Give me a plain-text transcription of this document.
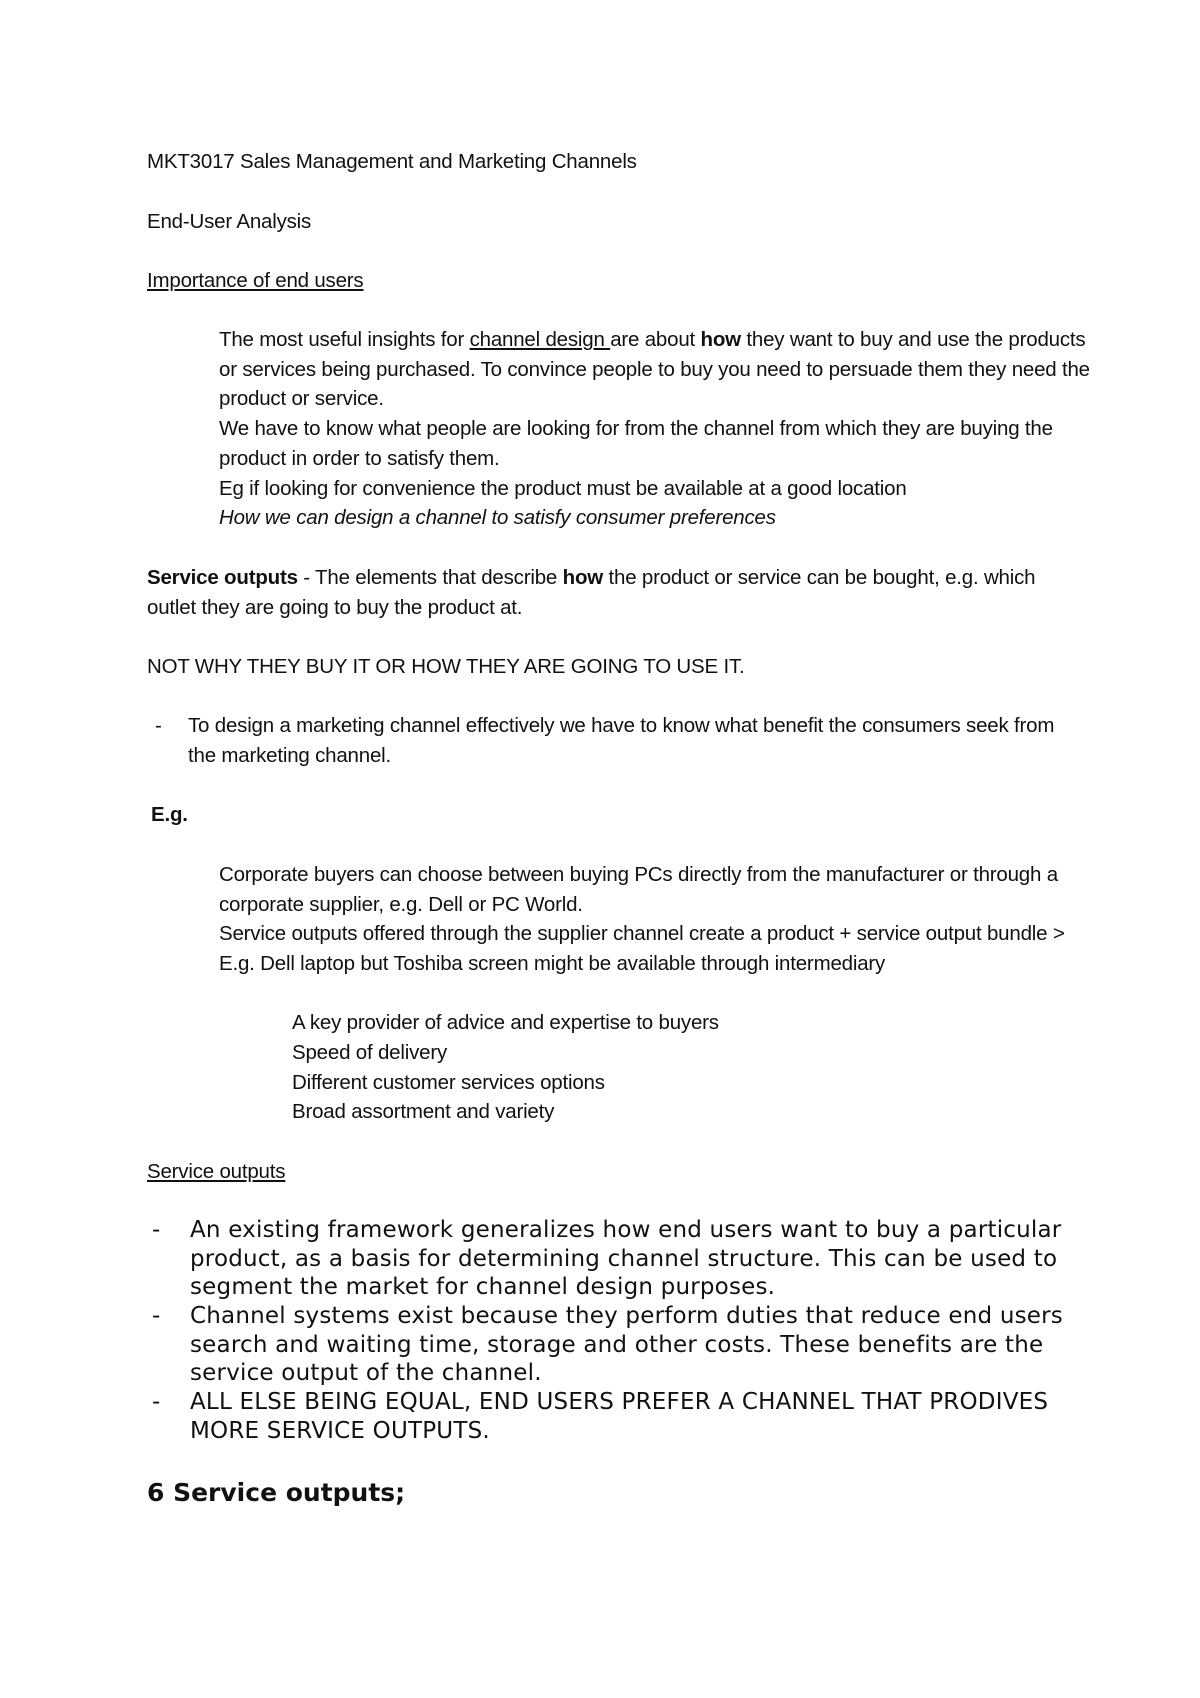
MKT3017 Sales Management and Marketing Channels
End-User Analysis
Importance of end users
The most useful insights for channel design are about how they want to buy and use the products or services being purchased. To convince people to buy you need to persuade them they need the product or service.
We have to know what people are looking for from the channel from which they are buying the product in order to satisfy them.
Eg if looking for convenience the product must be available at a good location
How we can design a channel to satisfy consumer preferences
Service outputs - The elements that describe how the product or service can be bought, e.g. which outlet they are going to buy the product at.
NOT WHY THEY BUY IT OR HOW THEY ARE GOING TO USE IT.
-	To design a marketing channel effectively we have to know what benefit the consumers seek from the marketing channel.
E.g.
Corporate buyers can choose between buying PCs directly from the manufacturer or through a corporate supplier, e.g. Dell or PC World.
Service outputs offered through the supplier channel create a product + service output bundle > E.g. Dell laptop but Toshiba screen might be available through intermediary
A key provider of advice and expertise to buyers
Speed of delivery
Different customer services options
Broad assortment and variety
Service outputs
- An existing framework generalizes how end users want to buy a particular product, as a basis for determining channel structure. This can be used to segment the market for channel design purposes.
- Channel systems exist because they perform duties that reduce end users search and waiting time, storage and other costs. These benefits are the service output of the channel.
- ALL ELSE BEING EQUAL, END USERS PREFER A CHANNEL THAT PRODIVES MORE SERVICE OUTPUTS.
6 Service outputs;
